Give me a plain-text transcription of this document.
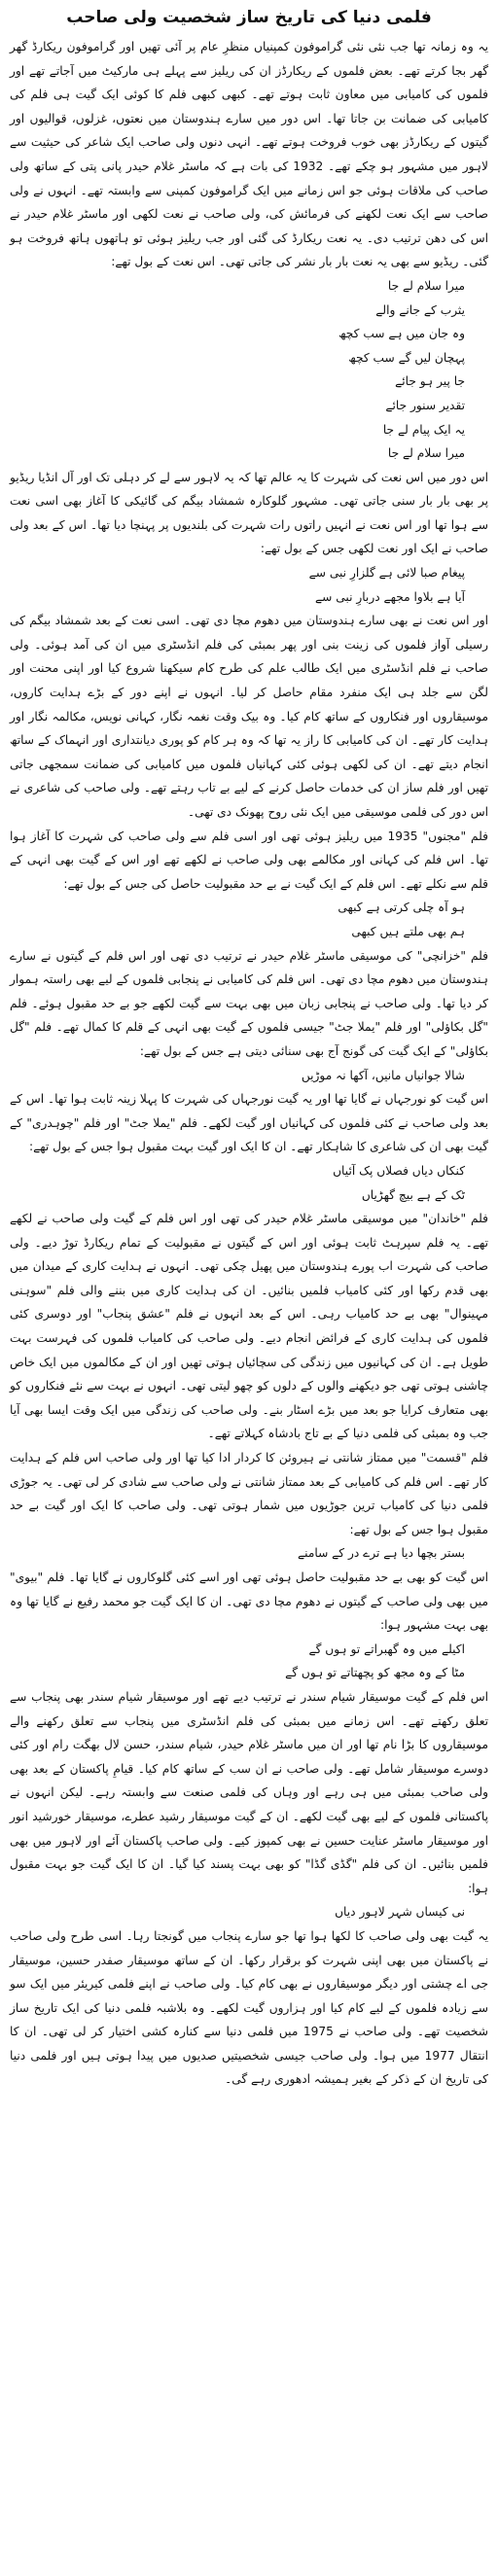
فلمی دنیا کی تاریخ ساز شخصیت ولی صاحب
یہ وہ زمانہ تھا جب نئی نئی گراموفون کمپنیاں منظرِ عام پر آئی تھیں اور گراموفون ریکارڈ گھر گھر بجا کرتے تھے۔ بعض فلموں کے ریکارڈز ان کی ریلیز سے پہلے ہی مارکیٹ میں آجاتے تھے اور فلموں کی کامیابی میں معاون ثابت ہوتے تھے۔ کبھی کبھی فلم کا کوئی ایک گیت ہی فلم کی کامیابی کی ضمانت بن جاتا تھا۔ اس دور میں سارے ہندوستان میں نعتوں، غزلوں، قوالیوں اور گیتوں کے ریکارڈز بھی خوب فروخت ہوتے تھے۔ انہی دنوں ولی صاحب ایک شاعر کی حیثیت سے لاہور میں مشہور ہو چکے تھے۔ 1932 کی بات ہے کہ ماسٹر غلام حیدر پانی پتی کے ساتھ ولی صاحب کی ملاقات ہوئی جو اس زمانے میں ایک گراموفون کمپنی سے وابستہ تھے۔ انہوں نے ولی صاحب سے ایک نعت لکھنے کی فرمائش کی، ولی صاحب نے نعت لکھی اور ماسٹر غلام حیدر نے اس کی دھن ترتیب دی۔ یہ نعت ریکارڈ کی گئی اور جب ریلیز ہوئی تو ہاتھوں ہاتھ فروخت ہو گئی۔ ریڈیو سے بھی یہ نعت بار بار نشر کی جاتی تھی۔ اس نعت کے بول تھے:
میرا سلام لے جا
یثرب کے جانے والے
وہ جان میں ہے سب کچھ
پہچان لیں گے سب کچھ
جا پیر ہو جائے
تقدیر سنور جائے
یہ ایک پیام لے جا
میرا سلام لے جا
اس دور میں اس نعت کی شہرت کا یہ عالم تھا کہ یہ لاہور سے لے کر دہلی تک اور آل انڈیا ریڈیو پر بھی بار بار سنی جاتی تھی۔ مشہور گلوکارہ شمشاد بیگم کی گائیکی کا آغاز بھی اسی نعت سے ہوا تھا اور اس نعت نے انہیں راتوں رات شہرت کی بلندیوں پر پہنچا دیا تھا۔ اس کے بعد ولی صاحب نے ایک اور نعت لکھی جس کے بول تھے:
پیغام صبا لائی ہے گلزارِ نبی سے
آیا ہے بلاوا مجھے دربارِ نبی سے
اور اس نعت نے بھی سارے ہندوستان میں دھوم مچا دی تھی۔ اسی نعت کے بعد شمشاد بیگم کی رسیلی آواز فلموں کی زینت بنی اور پھر بمبئی کی فلم انڈسٹری میں ان کی آمد ہوئی۔ ولی صاحب نے فلم انڈسٹری میں ایک طالب علم کی طرح کام سیکھنا شروع کیا اور اپنی محنت اور لگن سے جلد ہی ایک منفرد مقام حاصل کر لیا۔ انہوں نے اپنے دور کے بڑے ہدایت کاروں، موسیقاروں اور فنکاروں کے ساتھ کام کیا۔ وہ بیک وقت نغمہ نگار، کہانی نویس، مکالمہ نگار اور ہدایت کار تھے۔ ان کی کامیابی کا راز یہ تھا کہ وہ ہر کام کو پوری دیانتداری اور انہماک کے ساتھ انجام دیتے تھے۔ ان کی لکھی ہوئی کئی کہانیاں فلموں میں کامیابی کی ضمانت سمجھی جاتی تھیں اور فلم ساز ان کی خدمات حاصل کرنے کے لیے بے تاب رہتے تھے۔ ولی صاحب کی شاعری نے اس دور کی فلمی موسیقی میں ایک نئی روح پھونک دی تھی۔
فلم "مجنوں" 1935 میں ریلیز ہوئی تھی اور اسی فلم سے ولی صاحب کی شہرت کا آغاز ہوا تھا۔ اس فلم کی کہانی اور مکالمے بھی ولی صاحب نے لکھے تھے اور اس کے گیت بھی انہی کے قلم سے نکلے تھے۔ اس فلم کے ایک گیت نے بے حد مقبولیت حاصل کی جس کے بول تھے:
ہو آہ چلی کرتی ہے کبھی
ہم بھی ملتے ہیں کبھی
فلم "خزانچی" کی موسیقی ماسٹر غلام حیدر نے ترتیب دی تھی اور اس فلم کے گیتوں نے سارے ہندوستان میں دھوم مچا دی تھی۔ اس فلم کی کامیابی نے پنجابی فلموں کے لیے بھی راستہ ہموار کر دیا تھا۔ ولی صاحب نے پنجابی زبان میں بھی بہت سے گیت لکھے جو بے حد مقبول ہوئے۔ فلم "گل بکاؤلی" اور فلم "یملا جٹ" جیسی فلموں کے گیت بھی انہی کے قلم کا کمال تھے۔ فلم "گل بکاؤلی" کے ایک گیت کی گونج آج بھی سنائی دیتی ہے جس کے بول تھے:
شالا جوانیاں مانیں، آکھا نہ موڑیں
اس گیت کو نورجہاں نے گایا تھا اور یہ گیت نورجہاں کی شہرت کا پہلا زینہ ثابت ہوا تھا۔ اس کے بعد ولی صاحب نے کئی فلموں کی کہانیاں اور گیت لکھے۔ فلم "یملا جٹ" اور فلم "چوہدری" کے گیت بھی ان کی شاعری کا شاہکار تھے۔ ان کا ایک اور گیت بہت مقبول ہوا جس کے بول تھے:
کنکاں دیاں فصلاں پک آئیاں
ٹک کے ہے بیچ گھڑیاں
فلم "خاندان" میں موسیقی ماسٹر غلام حیدر کی تھی اور اس فلم کے گیت ولی صاحب نے لکھے تھے۔ یہ فلم سپرہٹ ثابت ہوئی اور اس کے گیتوں نے مقبولیت کے تمام ریکارڈ توڑ دیے۔ ولی صاحب کی شہرت اب پورے ہندوستان میں پھیل چکی تھی۔ انہوں نے ہدایت کاری کے میدان میں بھی قدم رکھا اور کئی کامیاب فلمیں بنائیں۔ ان کی ہدایت کاری میں بننے والی فلم "سوہنی مہینوال" بھی بے حد کامیاب رہی۔ اس کے بعد انہوں نے فلم "عشق پنجاب" اور دوسری کئی فلموں کی ہدایت کاری کے فرائض انجام دیے۔ ولی صاحب کی کامیاب فلموں کی فہرست بہت طویل ہے۔ ان کی کہانیوں میں زندگی کی سچائیاں ہوتی تھیں اور ان کے مکالموں میں ایک خاص چاشنی ہوتی تھی جو دیکھنے والوں کے دلوں کو چھو لیتی تھی۔ انہوں نے بہت سے نئے فنکاروں کو بھی متعارف کرایا جو بعد میں بڑے اسٹار بنے۔ ولی صاحب کی زندگی میں ایک وقت ایسا بھی آیا جب وہ بمبئی کی فلمی دنیا کے بے تاج بادشاہ کہلاتے تھے۔
فلم "قسمت" میں ممتاز شانتی نے ہیروئن کا کردار ادا کیا تھا اور ولی صاحب اس فلم کے ہدایت کار تھے۔ اس فلم کی کامیابی کے بعد ممتاز شانتی نے ولی صاحب سے شادی کر لی تھی۔ یہ جوڑی فلمی دنیا کی کامیاب ترین جوڑیوں میں شمار ہوتی تھی۔ ولی صاحب کا ایک اور گیت بے حد مقبول ہوا جس کے بول تھے:
بستر بچھا دیا ہے ترے در کے سامنے
اس گیت کو بھی بے حد مقبولیت حاصل ہوئی تھی اور اسے کئی گلوکاروں نے گایا تھا۔ فلم "بیوی" میں بھی ولی صاحب کے گیتوں نے دھوم مچا دی تھی۔ ان کا ایک گیت جو محمد رفیع نے گایا تھا وہ بھی بہت مشہور ہوا:
اکیلے میں وہ گھبراتے تو ہوں گے
مٹا کے وہ مجھ کو پچھتاتے تو ہوں گے
اس فلم کے گیت موسیقار شیام سندر نے ترتیب دیے تھے اور موسیقار شیام سندر بھی پنجاب سے تعلق رکھتے تھے۔ اس زمانے میں بمبئی کی فلم انڈسٹری میں پنجاب سے تعلق رکھنے والے موسیقاروں کا بڑا نام تھا اور ان میں ماسٹر غلام حیدر، شیام سندر، حسن لال بھگت رام اور کئی دوسرے موسیقار شامل تھے۔ ولی صاحب نے ان سب کے ساتھ کام کیا۔ قیامِ پاکستان کے بعد بھی ولی صاحب بمبئی میں ہی رہے اور وہاں کی فلمی صنعت سے وابستہ رہے۔ لیکن انہوں نے پاکستانی فلموں کے لیے بھی گیت لکھے۔ ان کے گیت موسیقار رشید عطرے، موسیقار خورشید انور اور موسیقار ماسٹر عنایت حسین نے بھی کمپوز کیے۔ ولی صاحب پاکستان آئے اور لاہور میں بھی فلمیں بنائیں۔ ان کی فلم "گڈی گڈا" کو بھی بہت پسند کیا گیا۔ ان کا ایک گیت جو بہت مقبول ہوا:
نی کیساں شہر لاہور دیاں
یہ گیت بھی ولی صاحب کا لکھا ہوا تھا جو سارے پنجاب میں گونجتا رہا۔ اسی طرح ولی صاحب نے پاکستان میں بھی اپنی شہرت کو برقرار رکھا۔ ان کے ساتھ موسیقار صفدر حسین، موسیقار جی اے چشتی اور دیگر موسیقاروں نے بھی کام کیا۔ ولی صاحب نے اپنے فلمی کیریئر میں ایک سو سے زیادہ فلموں کے لیے کام کیا اور ہزاروں گیت لکھے۔ وہ بلاشبہ فلمی دنیا کی ایک تاریخ ساز شخصیت تھے۔ ولی صاحب نے 1975 میں فلمی دنیا سے کنارہ کشی اختیار کر لی تھی۔ ان کا انتقال 1977 میں ہوا۔ ولی صاحب جیسی شخصیتیں صدیوں میں پیدا ہوتی ہیں اور فلمی دنیا کی تاریخ ان کے ذکر کے بغیر ہمیشہ ادھوری رہے گی۔
